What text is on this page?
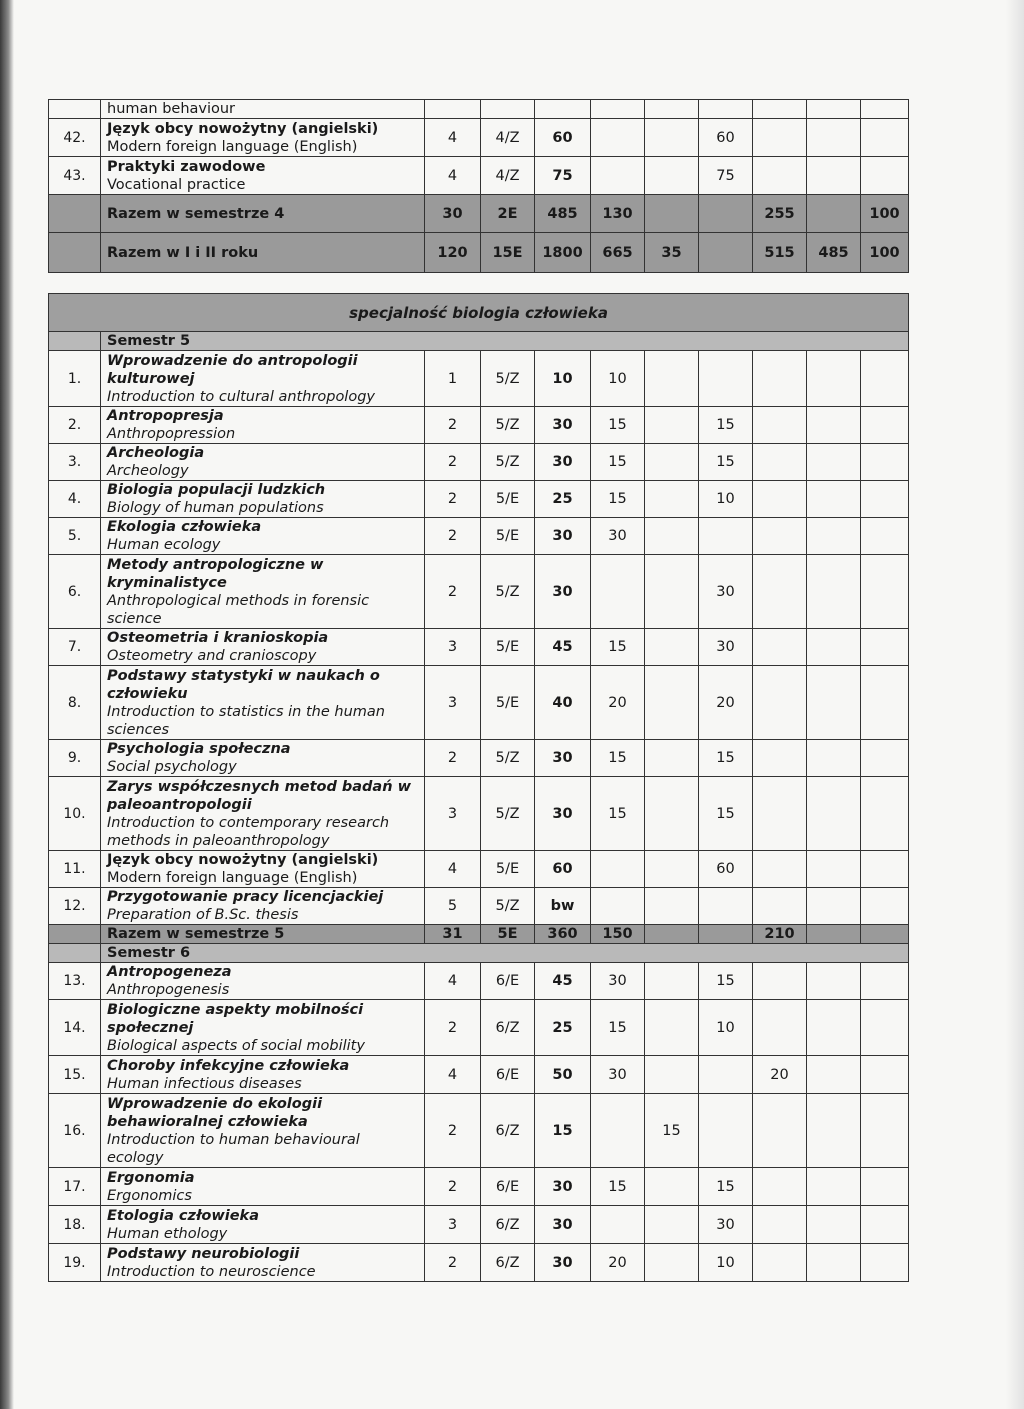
	human behaviour									

42.	Język obcy nowożytny (angielski)
Modern foreign language (English)	4	4/Z	60			60			
43.	Praktyki zawodowe
Vocational practice	4	4/Z	75			75			
	Razem w semestrze 4	30	2E	485	130			255		100
	Razem w I i II roku	120	15E	1800	665	35		515	485	100
specjalność biologia człowieka										
	Semestr 5									
1.	Wprowadzenie do antropologii kulturowej
Introduction to cultural anthropology	1	5/Z	10	10					
2.	Antropopresja
Anthropopression	2	5/Z	30	15		15			
3.	Archeologia
Archeology	2	5/Z	30	15		15			
4.	Biologia populacji ludzkich
Biology of human populations	2	5/E	25	15		10			
5.	Ekologia człowieka
Human ecology	2	5/E	30	30					
6.	Metody antropologiczne w kryminalistyce
Anthropological methods in forensic science	2	5/Z	30			30			
7.	Osteometria i kranioskopia
Osteometry and cranioscopy	3	5/E	45	15		30			
8.	Podstawy statystyki w naukach o człowieku
Introduction to statistics in the human sciences	3	5/E	40	20		20			
9.	Psychologia społeczna
Social psychology	2	5/Z	30	15		15			
10.	Zarys współczesnych metod badań w paleoantropologii
Introduction to contemporary research methods in paleoanthropology	3	5/Z	30	15		15			
11.	Język obcy nowożytny (angielski)
Modern foreign language (English)	4	5/E	60			60			
12.	Przygotowanie pracy licencjackiej
Preparation of B.Sc. thesis	5	5/Z	bw						
	Razem w semestrze 5	31	5E	360	150			210		
	Semestr 6									
13.	Antropogeneza
Anthropogenesis	4	6/E	45	30		15			
14.	Biologiczne aspekty mobilności społecznej
Biological aspects of social mobility	2	6/Z	25	15		10			
15.	Choroby infekcyjne człowieka
Human infectious diseases	4	6/E	50	30			20		
16.	Wprowadzenie do ekologii behawioralnej człowieka
Introduction to human behavioural ecology	2	6/Z	15		15				
17.	Ergonomia
Ergonomics	2	6/E	30	15		15			
18.	Etologia człowieka
Human ethology	3	6/Z	30			30			
19.	Podstawy neurobiologii
Introduction to neuroscience	2	6/Z	30	20		10			
